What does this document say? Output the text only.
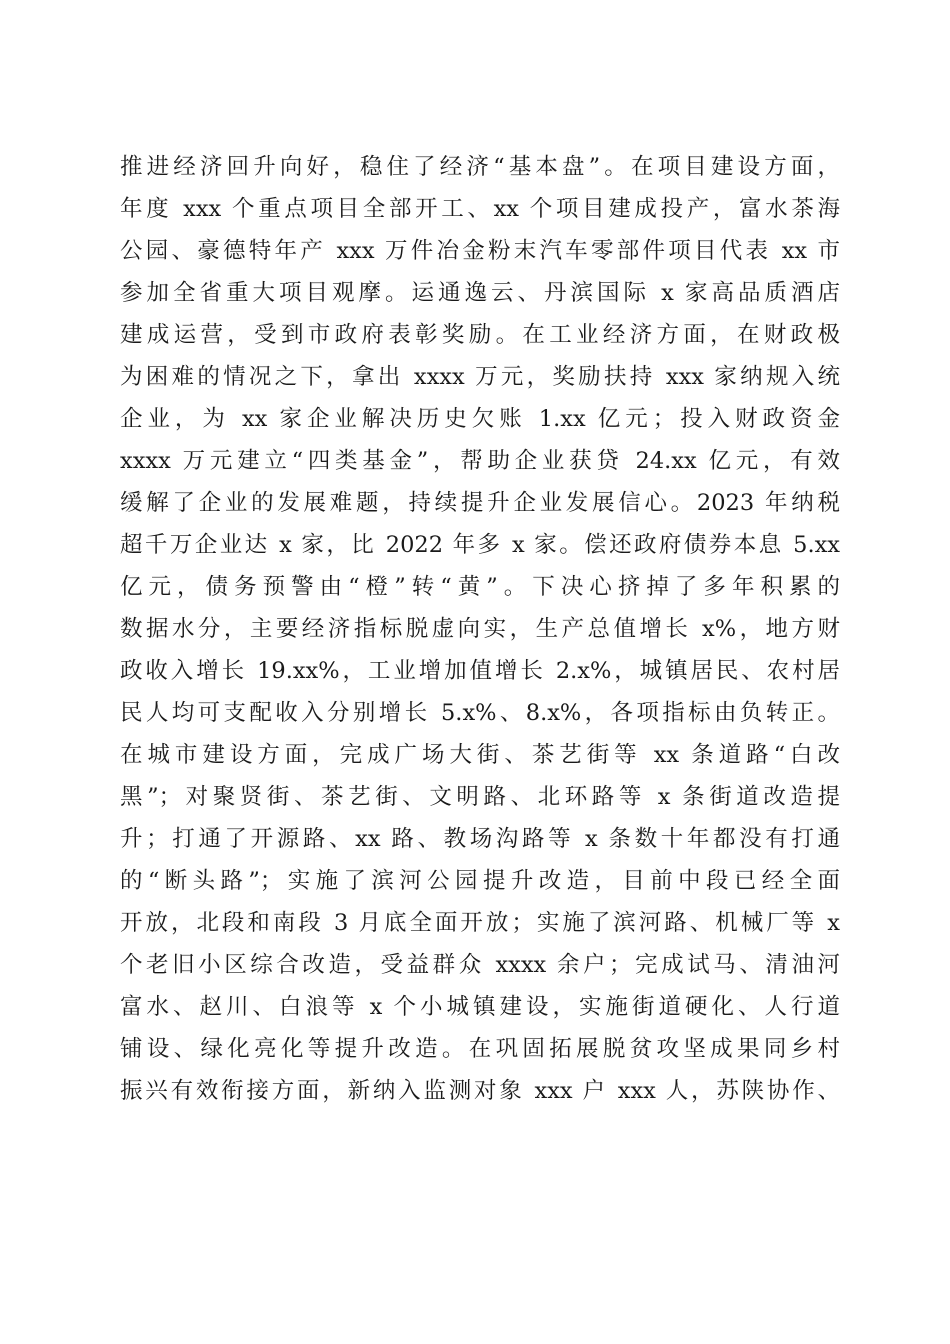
推进经济回升向好，稳住了经济“基本盘”。在项目建设方面，
年度 xxx 个重点项目全部开工、xx 个项目建成投产，富水茶海
公园、豪德特年产 xxx 万件冶金粉末汽车零部件项目代表 xx 市
参加全省重大项目观摩。运通逸云、丹滨国际 x 家高品质酒店
建成运营，受到市政府表彰奖励。在工业经济方面，在财政极
为困难的情况之下，拿出 xxxx 万元，奖励扶持 xxx 家纳规入统
企业，为 xx 家企业解决历史欠账 1.xx 亿元；投入财政资金
xxxx 万元建立“四类基金”，帮助企业获贷 24.xx 亿元，有效
缓解了企业的发展难题，持续提升企业发展信心。2023 年纳税
超千万企业达 x 家，比 2022 年多 x 家。偿还政府债券本息 5.xx
亿元，债务预警由“橙”转“黄”。下决心挤掉了多年积累的
数据水分，主要经济指标脱虚向实，生产总值增长 x%，地方财
政收入增长 19.xx%，工业增加值增长 2.x%，城镇居民、农村居
民人均可支配收入分别增长 5.x%、8.x%，各项指标由负转正。
在城市建设方面，完成广场大街、茶艺街等 xx 条道路“白改
黑”；对聚贤街、茶艺街、文明路、北环路等 x 条街道改造提
升；打通了开源路、xx 路、教场沟路等 x 条数十年都没有打通
的“断头路”；实施了滨河公园提升改造，目前中段已经全面
开放，北段和南段 3 月底全面开放；实施了滨河路、机械厂等 x
个老旧小区综合改造，受益群众 xxxx 余户；完成试马、清油河
富水、赵川、白浪等 x 个小城镇建设，实施街道硬化、人行道
铺设、绿化亮化等提升改造。在巩固拓展脱贫攻坚成果同乡村
振兴有效衔接方面，新纳入监测对象 xxx 户 xxx 人，苏陕协作、
